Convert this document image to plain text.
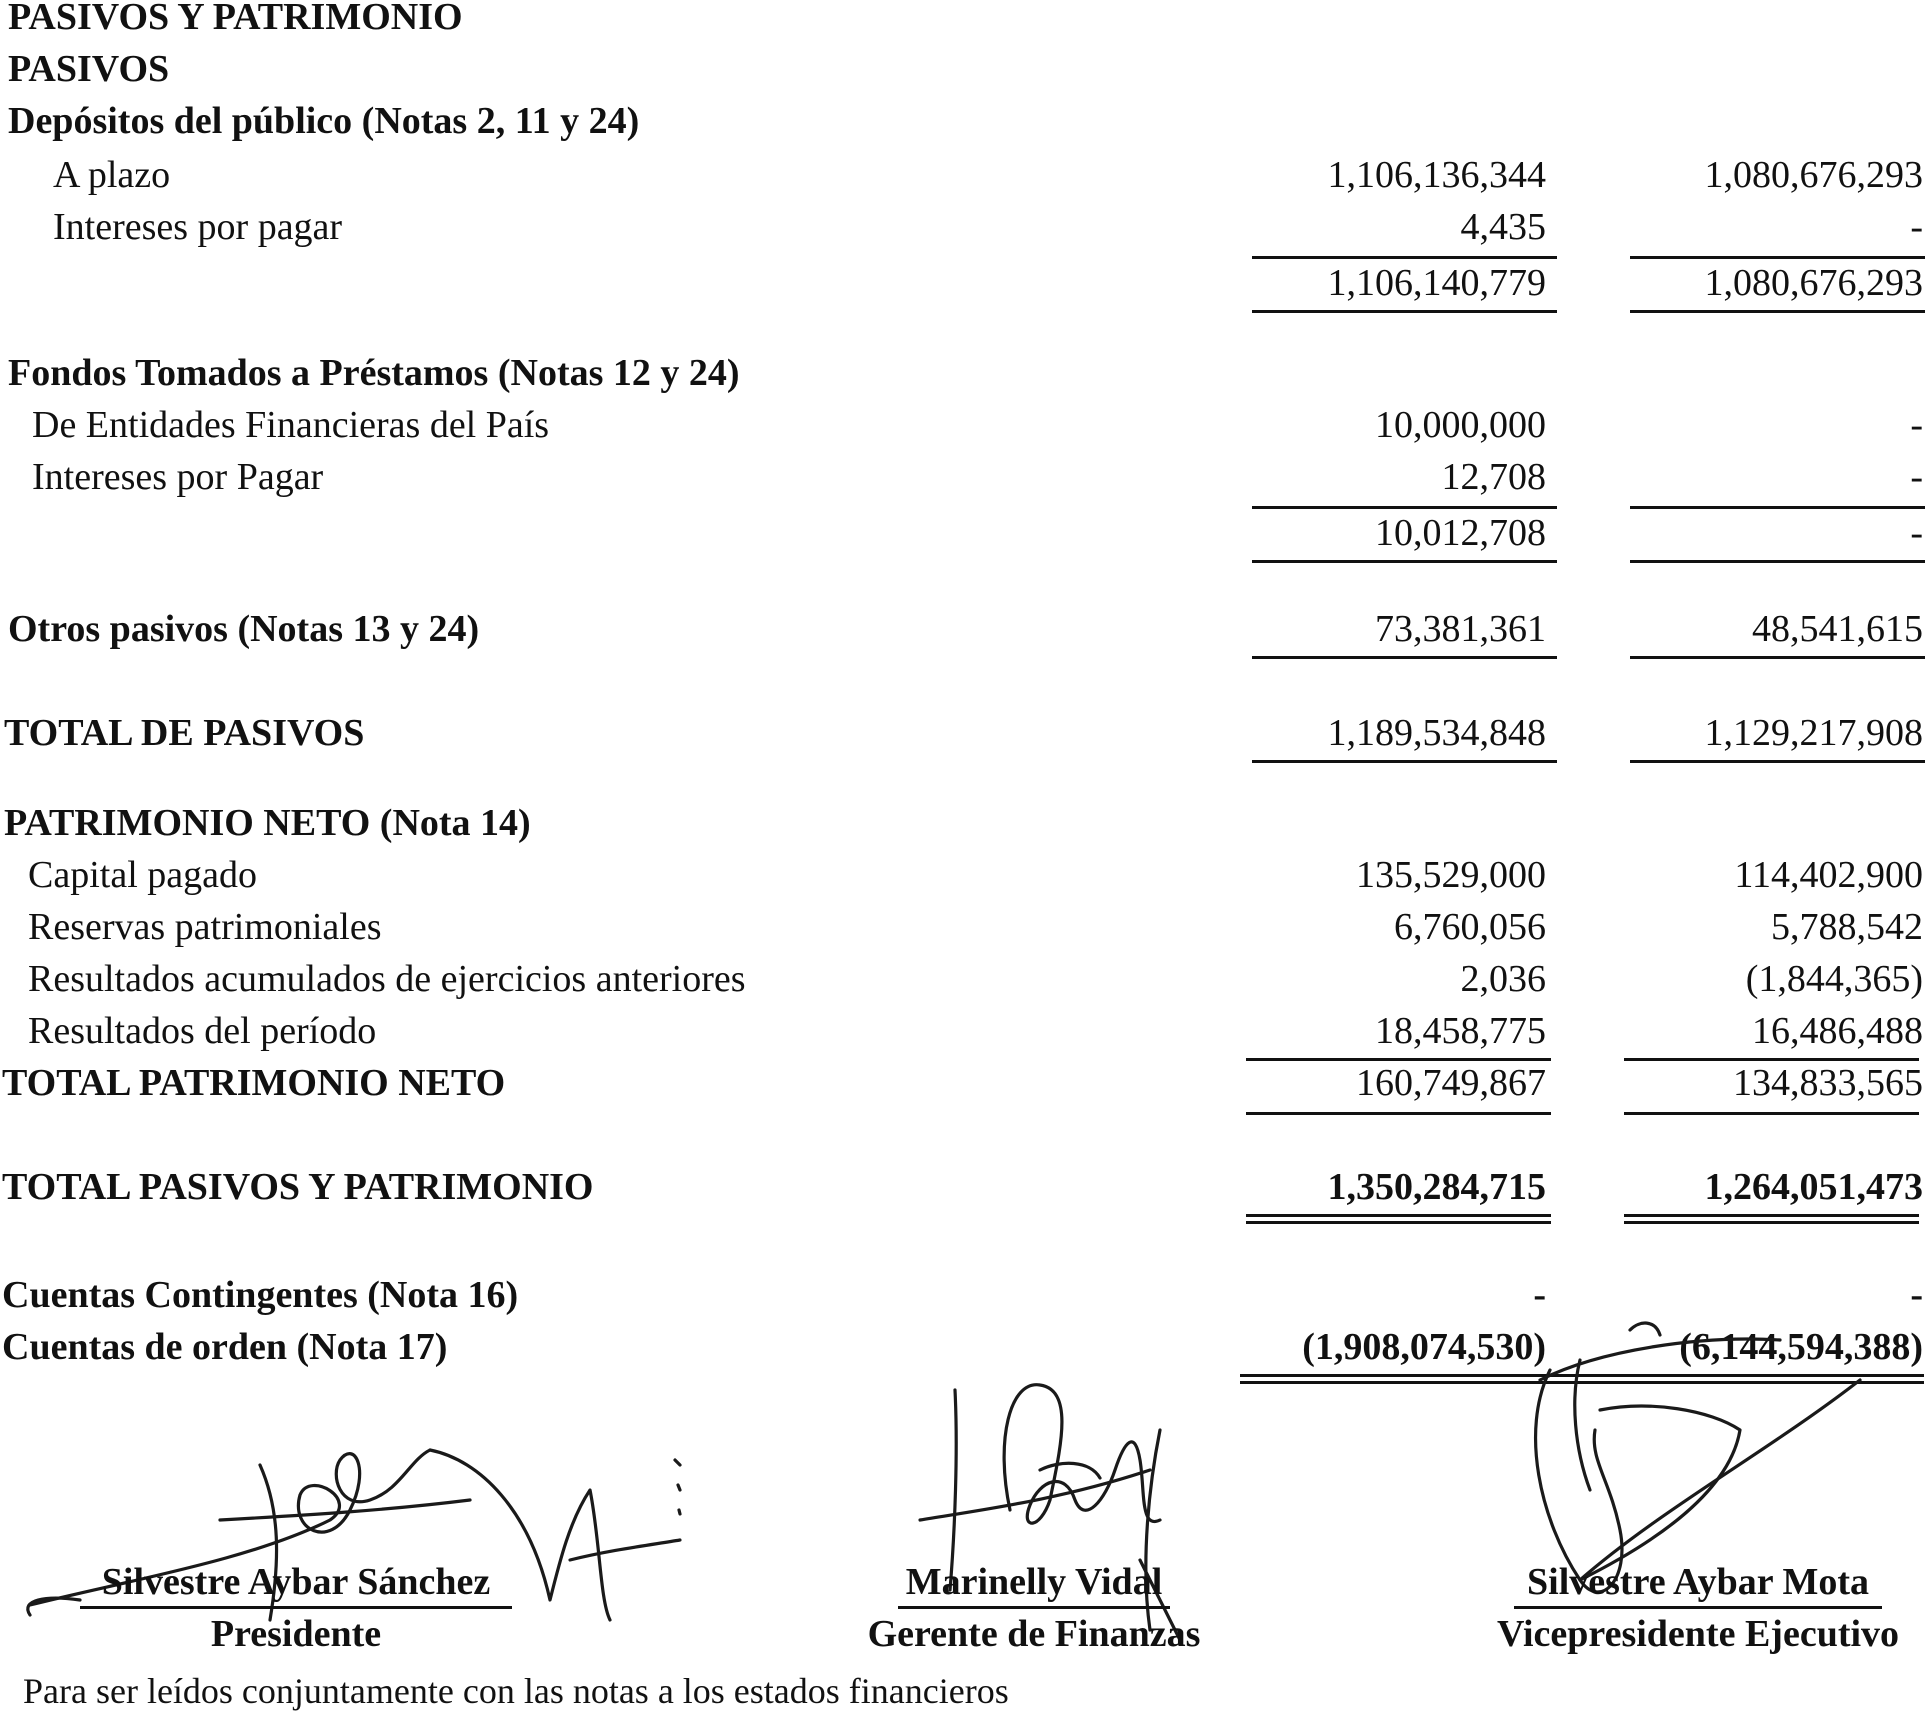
PASIVOS Y PATRIMONIO
PASIVOS
Depósitos del público (Notas 2, 11 y 24)
A plazo	1,106,136,344	1,080,676,293
Intereses por pagar	4,435	-
1,106,140,779	1,080,676,293
Fondos Tomados a Préstamos (Notas 12 y 24)
De Entidades Financieras del País	10,000,000	-
Intereses por Pagar	12,708	-
10,012,708	-
Otros pasivos (Notas 13 y 24)	73,381,361	48,541,615
TOTAL DE PASIVOS	1,189,534,848	1,129,217,908
PATRIMONIO NETO (Nota 14)
Capital pagado	135,529,000	114,402,900
Reservas patrimoniales	6,760,056	5,788,542
Resultados acumulados de ejercicios anteriores	2,036	(1,844,365)
Resultados del período	18,458,775	16,486,488
TOTAL PATRIMONIO NETO	160,749,867	134,833,565
TOTAL PASIVOS Y PATRIMONIO	1,350,284,715	1,264,051,473
Cuentas Contingentes (Nota 16)	-	-
Cuentas de orden (Nota 17)	(1,908,074,530)	(6,144,594,388)
Silvestre Aybar Sánchez
Presidente
Marinelly Vidal
Gerente de Finanzas
Silvestre Aybar Mota
Vicepresidente Ejecutivo
Para ser leídos conjuntamente con las notas a los estados financieros
